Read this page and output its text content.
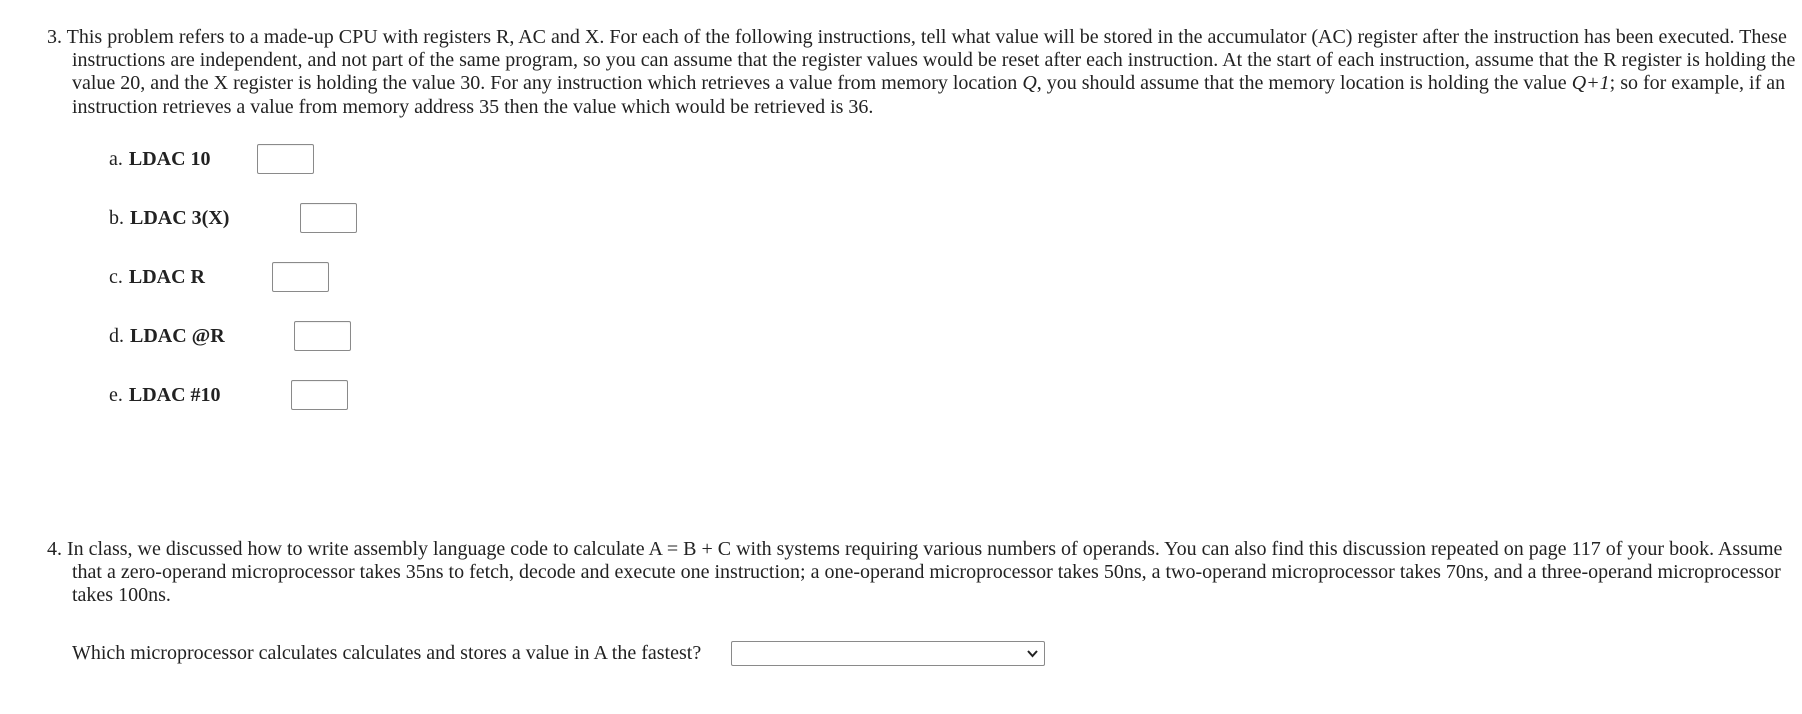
3. This problem refers to a made-up CPU with registers R, AC and X. For each of the following instructions, tell what value will be stored in the accumulator (AC) register after the instruction has been executed. These instructions are independent, and not part of the same program, so you can assume that the register values would be reset after each instruction. At the start of each instruction, assume that the R register is holding the value 20, and the X register is holding the value 30. For any instruction which retrieves a value from memory location Q, you should assume that the memory location is holding the value Q+1; so for example, if an instruction retrieves a value from memory address 35 then the value which would be retrieved is 36.

a. LDAC 10
b. LDAC 3(X)
c. LDAC R
d. LDAC @R
e. LDAC #10

4. In class, we discussed how to write assembly language code to calculate A = B + C with systems requiring various numbers of operands. You can also find this discussion repeated on page 117 of your book. Assume that a zero-operand microprocessor takes 35ns to fetch, decode and execute one instruction; a one-operand microprocessor takes 50ns, a two-operand microprocessor takes 70ns, and a three-operand microprocessor takes 100ns.

Which microprocessor calculates calculates and stores a value in A the fastest?
